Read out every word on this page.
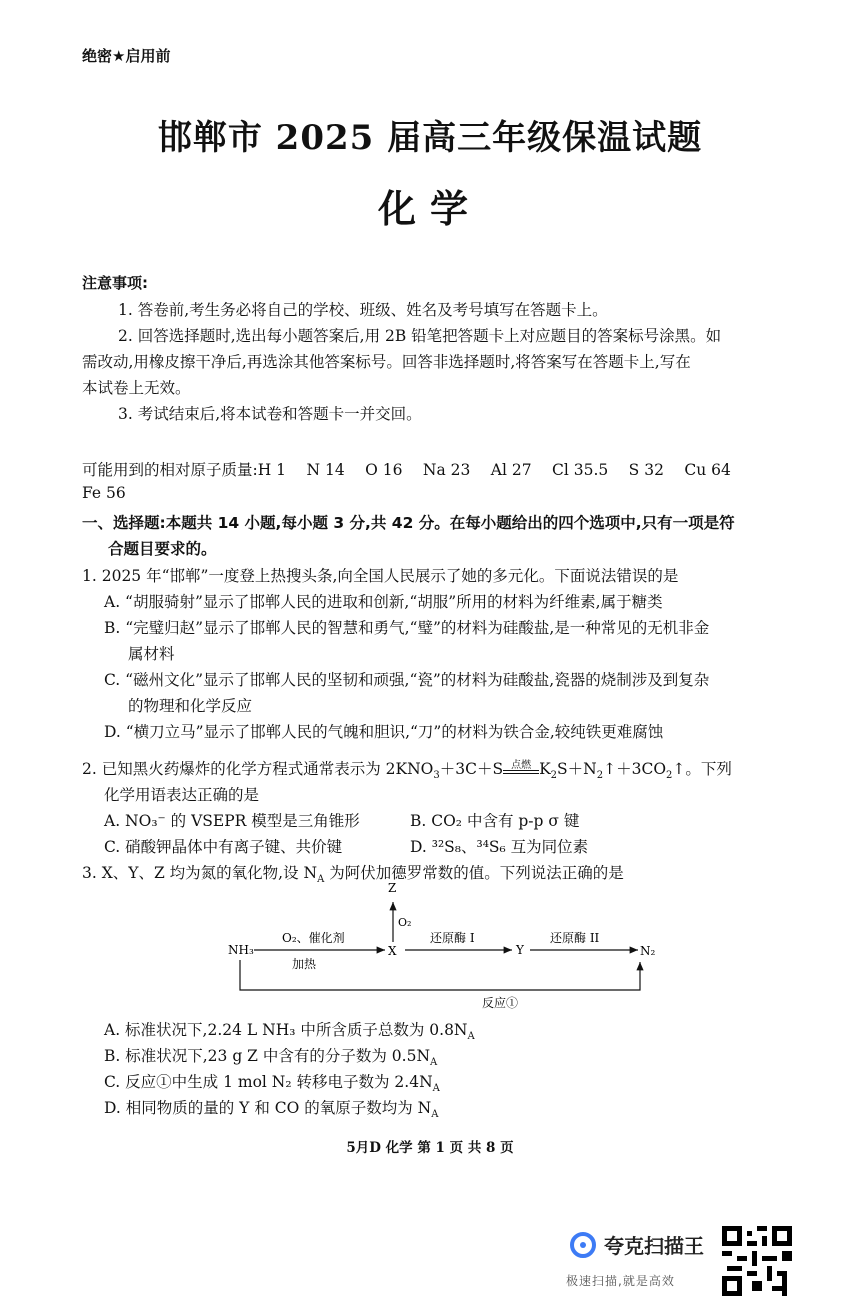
绝密★启用前
邯郸市 2025 届高三年级保温试题
化学
注意事项:
1. 答卷前,考生务必将自己的学校、班级、姓名及考号填写在答题卡上。
2. 回答选择题时,选出每小题答案后,用 2B 铅笔把答题卡上对应题目的答案标号涂黑。如
需改动,用橡皮擦干净后,再选涂其他答案标号。回答非选择题时,将答案写在答题卡上,写在
本试卷上无效。
3. 考试结束后,将本试卷和答题卡一并交回。
可能用到的相对原子质量:H 1　 N 14　 O 16　 Na 23　 Al 27　 Cl 35.5　 S 32　 Cu 64
Fe 56
一、选择题:本题共 14 小题,每小题 3 分,共 42 分。在每小题给出的四个选项中,只有一项是符
合题目要求的。
1. 2025 年“邯郸”一度登上热搜头条,向全国人民展示了她的多元化。下面说法错误的是
A. “胡服骑射”显示了邯郸人民的进取和创新,“胡服”所用的材料为纤维素,属于糖类
B. “完璧归赵”显示了邯郸人民的智慧和勇气,“璧”的材料为硅酸盐,是一种常见的无机非金
属材料
C. “磁州文化”显示了邯郸人民的坚韧和顽强,“瓷”的材料为硅酸盐,瓷器的烧制涉及到复杂
的物理和化学反应
D. “横刀立马”显示了邯郸人民的气魄和胆识,“刀”的材料为铁合金,较纯铁更难腐蚀
2. 已知黑火药爆炸的化学方程式通常表示为 $2KNO_3+3C+S$ 点燃 $K_2S+N_2↑+3CO_2↑$。下列
化学用语表达正确的是
A. NO₃⁻ 的 VSEPR 模型是三角锥形	B. CO₂ 中含有 p-p σ 键
C. 硝酸钾晶体中有离子键、共价键	D. ³²S₈、³⁴S₆ 互为同位素
3. X、Y、Z 均为氮的氧化物,设 $N_A$ 为阿伏加德罗常数的值。下列说法正确的是
NH₃
O₂、催化剂
加热
X
Z
O₂
还原酶 I
Y
还原酶 II
N₂
反应①
A. 标准状况下,2.24 L NH₃ 中所含质子总数为 $0.8N_A$
B. 标准状况下,23 g Z 中含有的分子数为 $0.5N_A$
C. 反应①中生成 1 mol N₂ 转移电子数为 $2.4N_A$
D. 相同物质的量的 Y 和 CO 的氧原子数均为 $N_A$
5月D 化学 第 1 页 共 8 页
夸克扫描王
极速扫描,就是高效
